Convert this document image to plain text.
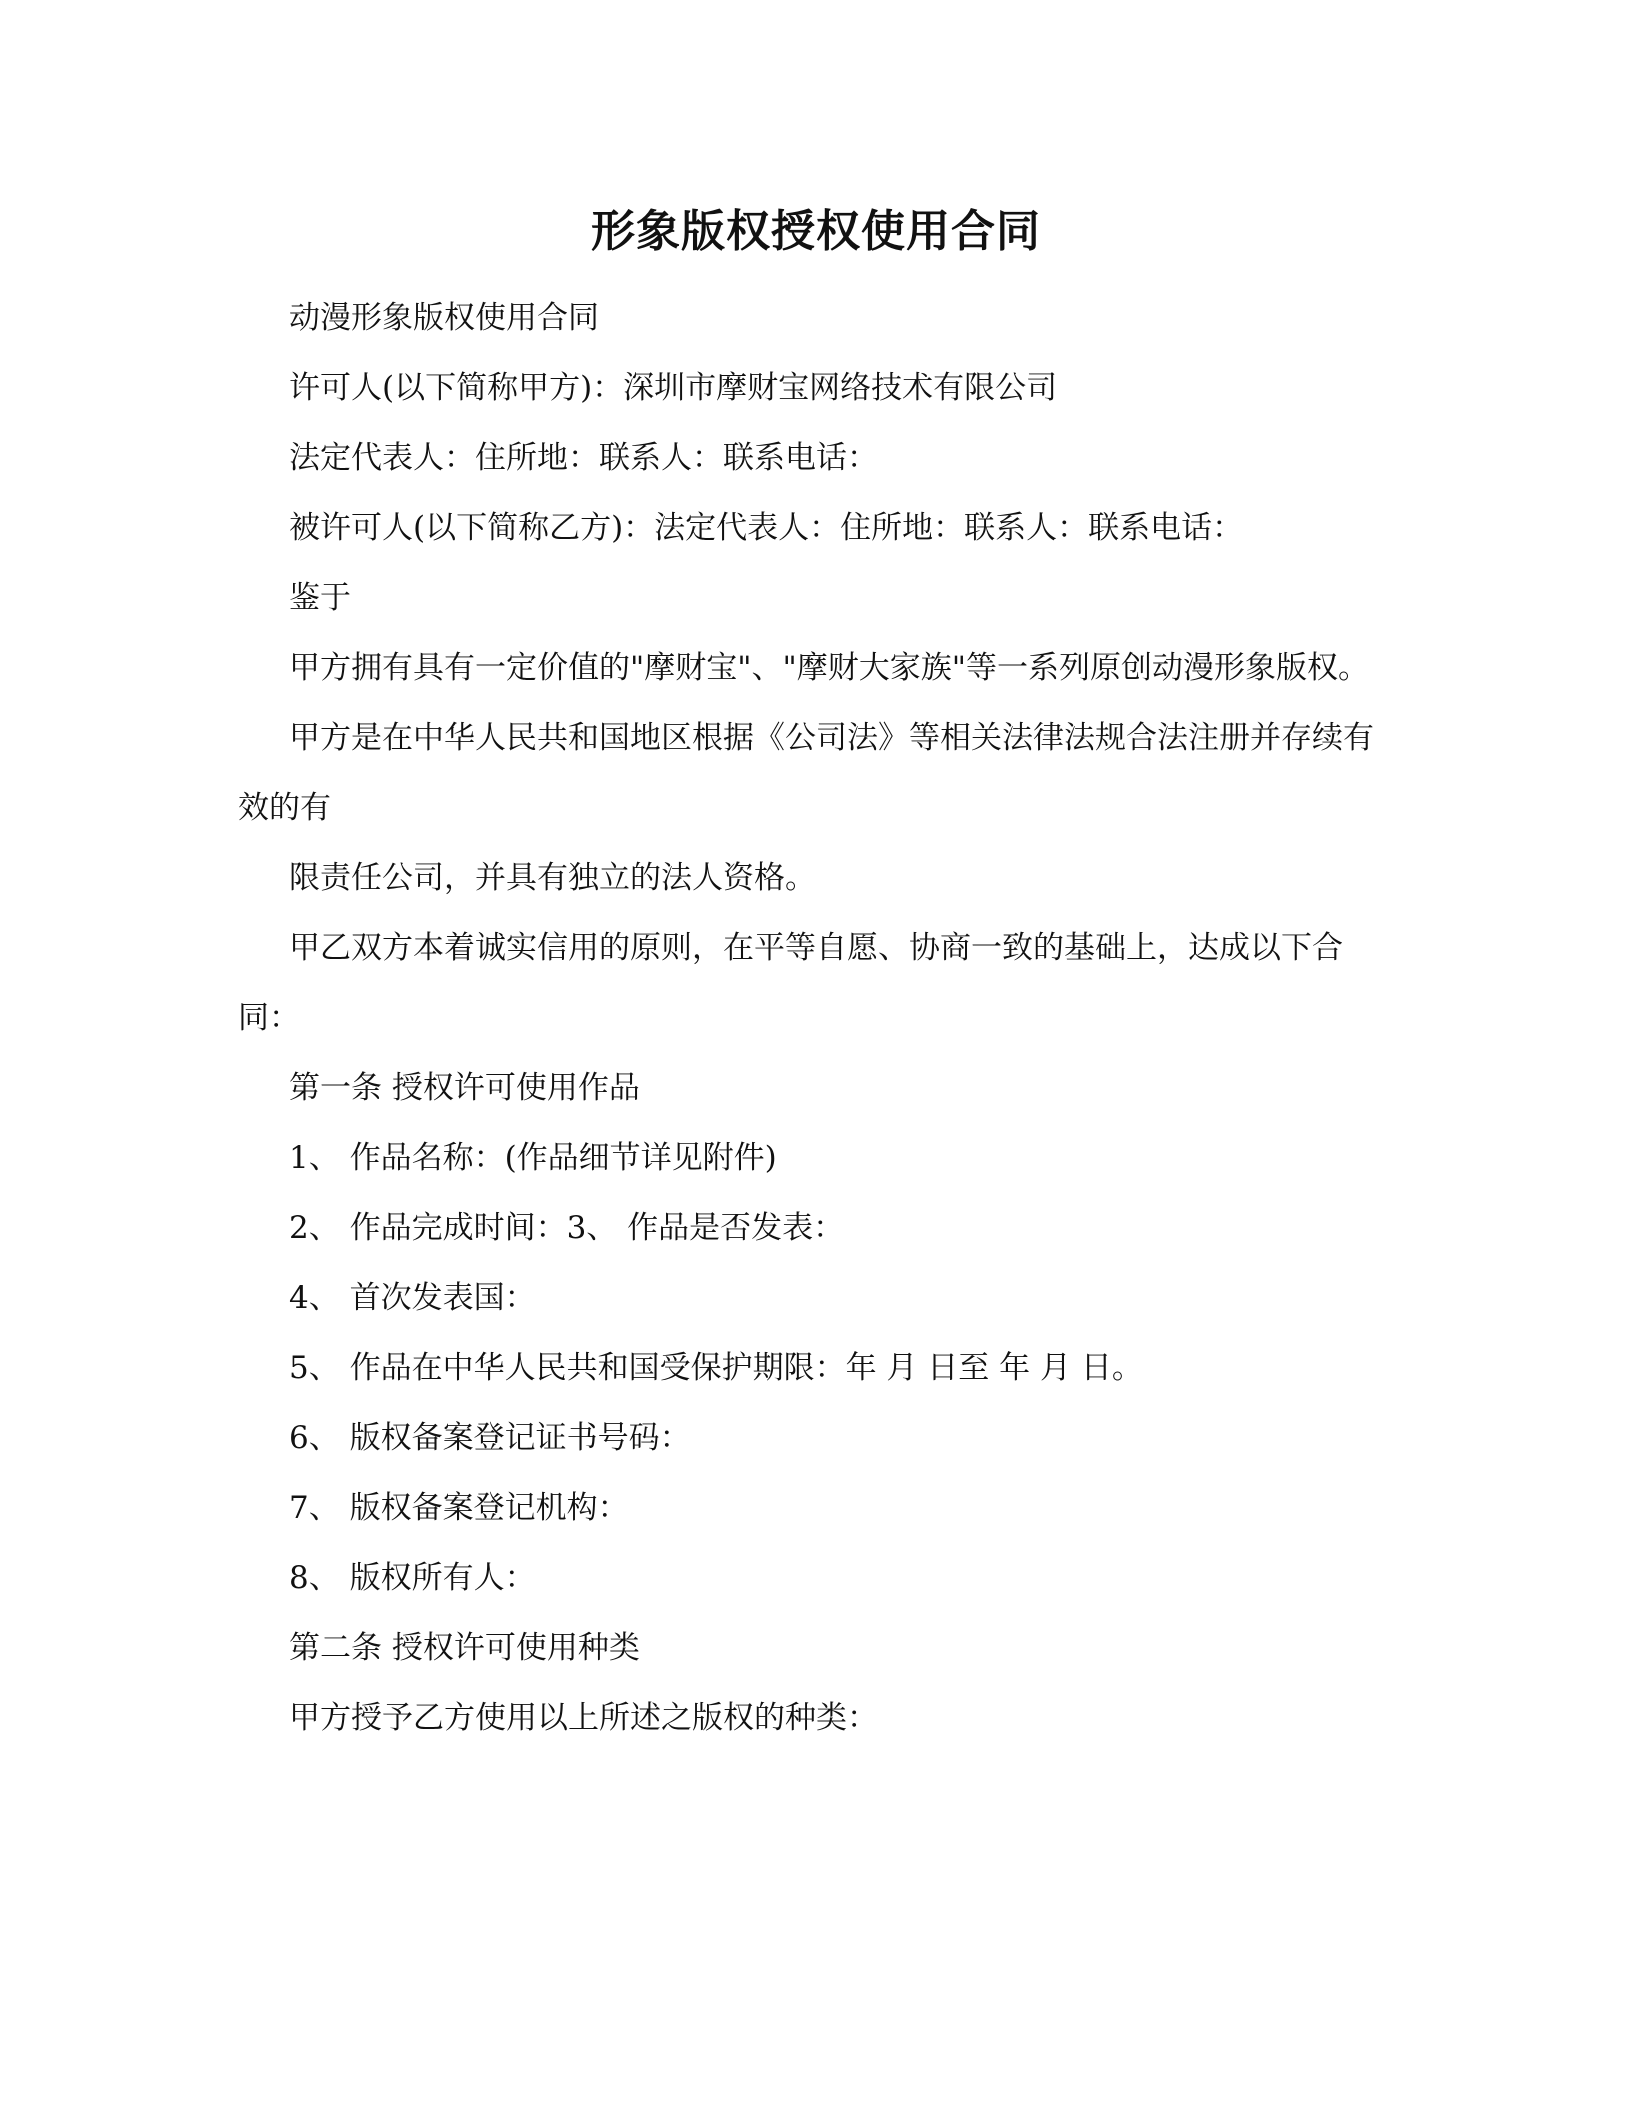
形象版权授权使用合同

动漫形象版权使用合同

许可人(以下简称甲方)：深圳市摩财宝网络技术有限公司

法定代表人：住所地：联系人：联系电话：

被许可人(以下简称乙方)：法定代表人：住所地：联系人：联系电话：

鉴于

甲方拥有具有一定价值的"摩财宝"、"摩财大家族"等一系列原创动漫形象版权。

甲方是在中华人民共和国地区根据《公司法》等相关法律法规合法注册并存续有效的有

限责任公司，并具有独立的法人资格。

甲乙双方本着诚实信用的原则，在平等自愿、协商一致的基础上，达成以下合同：

第一条 授权许可使用作品

1、 作品名称：(作品细节详见附件)

2、 作品完成时间：3、 作品是否发表：

4、 首次发表国：

5、 作品在中华人民共和国受保护期限：年 月 日至 年 月 日。

6、 版权备案登记证书号码：

7、 版权备案登记机构：

8、 版权所有人：

第二条 授权许可使用种类

甲方授予乙方使用以上所述之版权的种类：
